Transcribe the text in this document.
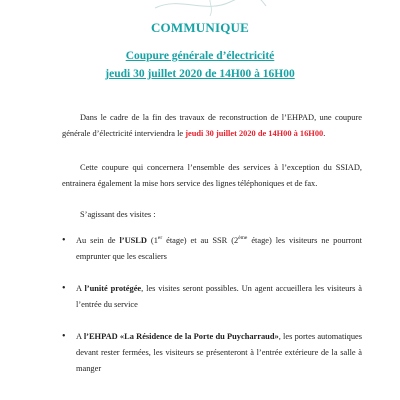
COMMUNIQUE
Coupure générale d’électricité
jeudi 30 juillet 2020 de 14H00 à 16H00
Dans le cadre de la fin des travaux de reconstruction de l’EHPAD, une coupure générale d’électricité interviendra le jeudi 30 juillet 2020 de 14H00 à 16H00.
Cette coupure qui concernera l’ensemble des services à l’exception du SSIAD, entrainera également la mise hors service des lignes téléphoniques et de fax.
S’agissant des visites :
•	Au sein de l’USLD (1er étage) et au SSR (2ème étage) les visiteurs ne pourront emprunter que les escaliers
•	A l’unité protégée, les visites seront possibles. Un agent accueillera les visiteurs à l’entrée du service
•	A l’EHPAD «La Résidence de la Porte du Puycharraud», les portes automatiques devant rester fermées, les visiteurs se présenteront à l’entrée extérieure de la salle à manger
